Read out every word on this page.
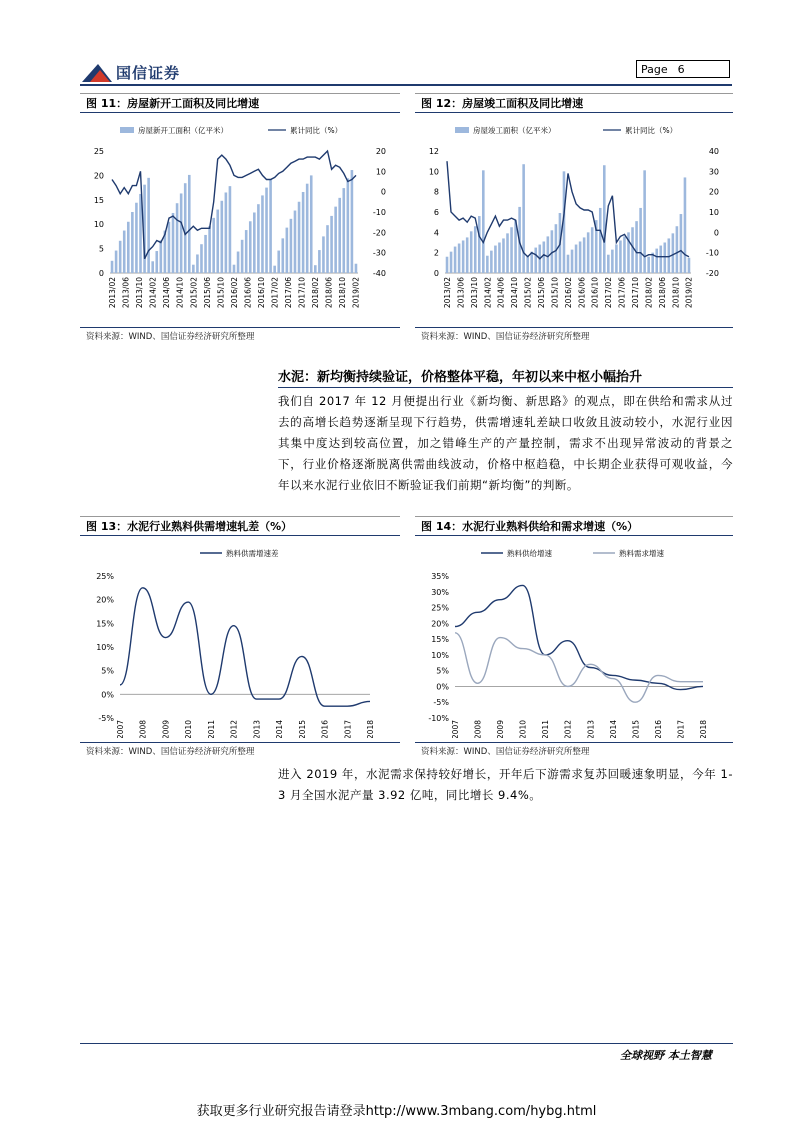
国信证券	Page 6
图 11：房屋新开工面积及同比增速
房屋新开工面积（亿平米）	累计同比（%）
0
5
10
15
20
25
-40
-30
-20
-10
0
10
20
2013/02 2013/06 2013/10 2014/02 2014/06 2014/10 2015/02 2015/06 2015/10 2016/02 2016/06 2016/10 2017/02 2017/06 2017/10 2018/02 2018/06 2018/10 2019/02
资料来源：WIND、国信证券经济研究所整理
图 12：房屋竣工面积及同比增速
房屋竣工面积（亿平米）	累计同比（%）
0
2
4
6
8
10
12
-20
-10
0
10
20
30
40
2013/02 2013/06 2013/10 2014/02 2014/06 2014/10 2015/02 2015/06 2015/10 2016/02 2016/06 2016/10 2017/02 2017/06 2017/10 2018/02 2018/06 2018/10 2019/02
资料来源：WIND、国信证券经济研究所整理
水泥：新均衡持续验证，价格整体平稳，年初以来中枢小幅抬升
我们自 2017 年 12 月便提出行业《新均衡、新思路》的观点，即在供给和需求从过去的高增长趋势逐渐呈现下行趋势，供需增速轧差缺口收敛且波动较小，水泥行业因其集中度达到较高位置，加之错峰生产的产量控制，需求不出现异常波动的背景之下，行业价格逐渐脱离供需曲线波动，价格中枢趋稳，中长期企业获得可观收益，今年以来水泥行业依旧不断验证我们前期“新均衡”的判断。
图 13：水泥行业熟料供需增速轧差（%）
熟料供需增速差
-5%
0%
5%
10%
15%
20%
25%
2007 2008 2009 2010 2011 2012 2013 2014 2015 2016 2017 2018
资料来源：WIND、国信证券经济研究所整理
图 14：水泥行业熟料供给和需求增速（%）
熟料供给增速	熟料需求增速
-10%
-5%
0%
5%
10%
15%
20%
25%
30%
35%
2007 2008 2009 2010 2011 2012 2013 2014 2015 2016 2017 2018
资料来源：WIND、国信证券经济研究所整理
进入 2019 年，水泥需求保持较好增长，开年后下游需求复苏回暖速象明显，今年 1-3 月全国水泥产量 3.92 亿吨，同比增长 9.4%。
全球视野 本土智慧
获取更多行业研究报告请登录http://www.3mbang.com/hybg.html
